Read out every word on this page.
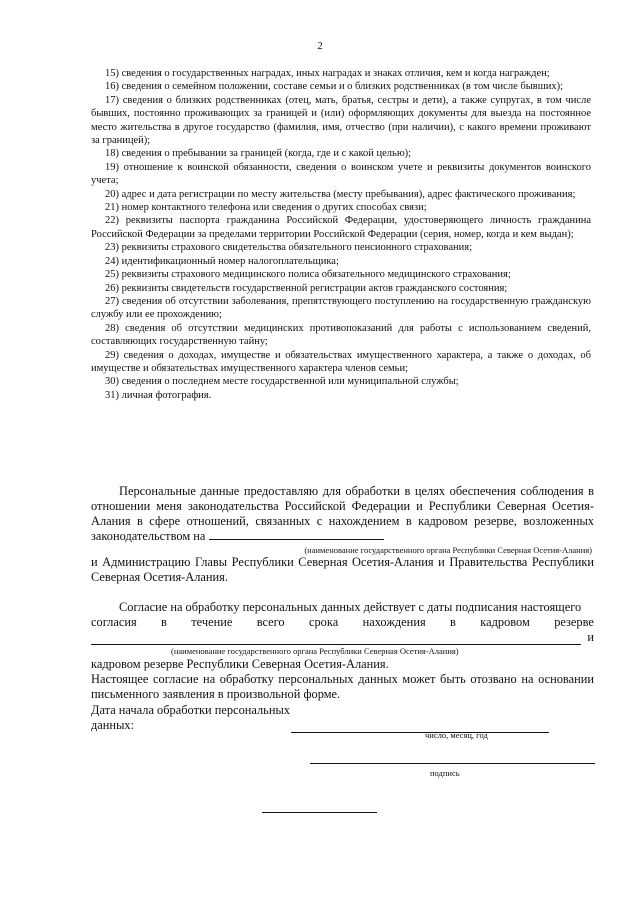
2

15) сведения о государственных наградах, иных наградах и знаках отличия, кем и когда награжден;

16) сведения о семейном положении, составе семьи и о близких родственниках (в том числе бывших);

17) сведения о близких родственниках (отец, мать, братья, сестры и дети), а также супругах, в том числе бывших, постоянно проживающих за границей и (или) оформляющих документы для выезда на постоянное место жительства в другое государство (фамилия, имя, отчество (при наличии), с какого времени проживают за границей);

18) сведения о пребывании за границей (когда, где и с какой целью);

19) отношение к воинской обязанности, сведения о воинском учете и реквизиты документов воинского учета;

20) адрес и дата регистрации по месту жительства (месту пребывания), адрес фактического проживания;

21) номер контактного телефона или сведения о других способах связи;

22) реквизиты паспорта гражданина Российской Федерации, удостоверяющего личность гражданина Российской Федерации за пределами территории Российской Федерации (серия, номер, когда и кем выдан);

23) реквизиты страхового свидетельства обязательного пенсионного страхования;

24) идентификационный номер налогоплательщика;

25) реквизиты страхового медицинского полиса обязательного медицинского страхования;

26) реквизиты свидетельств государственной регистрации актов гражданского состояния;

27) сведения об отсутствии заболевания, препятствующего поступлению на государственную гражданскую службу или ее прохождению;

28) сведения об отсутствии медицинских противопоказаний для работы с использованием сведений, составляющих государственную тайну;

29) сведения о доходах, имуществе и обязательствах имущественного характера, а также о доходах, об имуществе и обязательствах имущественного характера членов семьи;

30) сведения о последнем месте государственной или муниципальной службы;

31) личная фотография.

Персональные данные предоставляю для обработки в целях обеспечения соблюдения в отношении меня законодательства Российской Федерации и Республики Северная Осетия-Алания в сфере отношений, связанных с нахождением в кадровом резерве, возложенных законодательством на

(наименование государственного органа Республики Северная Осетия-Алания)

и Администрацию Главы Республики Северная Осетия-Алания и Правительства Республики Северная Осетия-Алания.

Согласие на обработку персональных данных действует с даты подписания настоящего

согласия в течение всего срока нахождения в кадровом резерве
и
(наименование государственного органа Республики Северная Осетия-Алания)

кадровом резерве Республики Северная Осетия-Алания.

Настоящее согласие на обработку персональных данных может быть отозвано на основании письменного заявления в произвольной форме.

Дата начала обработки персональных
данных:
число, месяц, год
подпись
